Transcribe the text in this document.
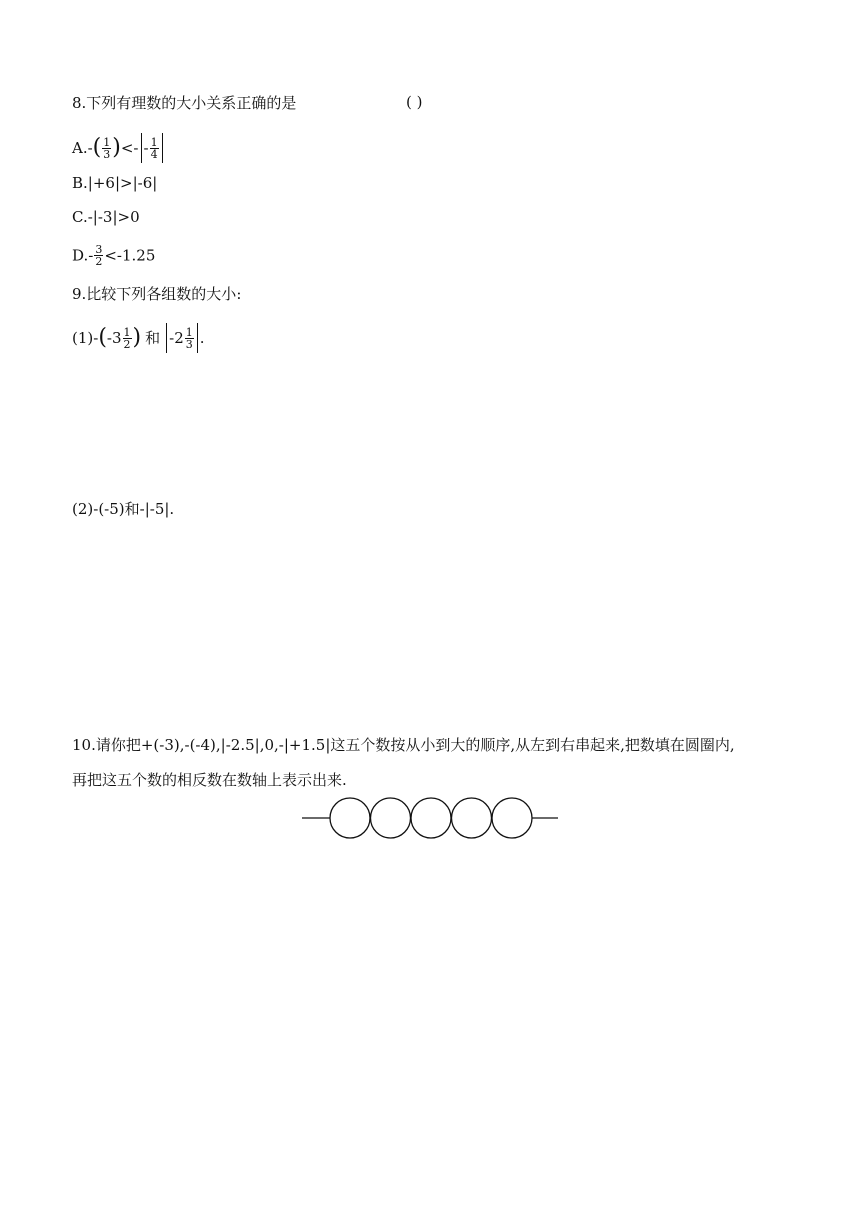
8.下列有理数的大小关系正确的是	( )
$A.-( \frac{1}{3}$ )<- - $\frac{1}{4}$
B.|+6|>|-6|
C.-|-3|>0
$D.- \frac{3}{2} <-1.25$
9.比较下列各组数的大小:
$(1)-(-3 \frac{1}{2}$ ) 和 $-2 \frac{1}{3}$ .
(2)-(-5)和-|-5|.
10.请你把+(-3),-(-4),|-2.5|,0,-|+1.5|这五个数按从小到大的顺序,从左到右串起来,把数填在圆圈内,
再把这五个数的相反数在数轴上表示出来.
